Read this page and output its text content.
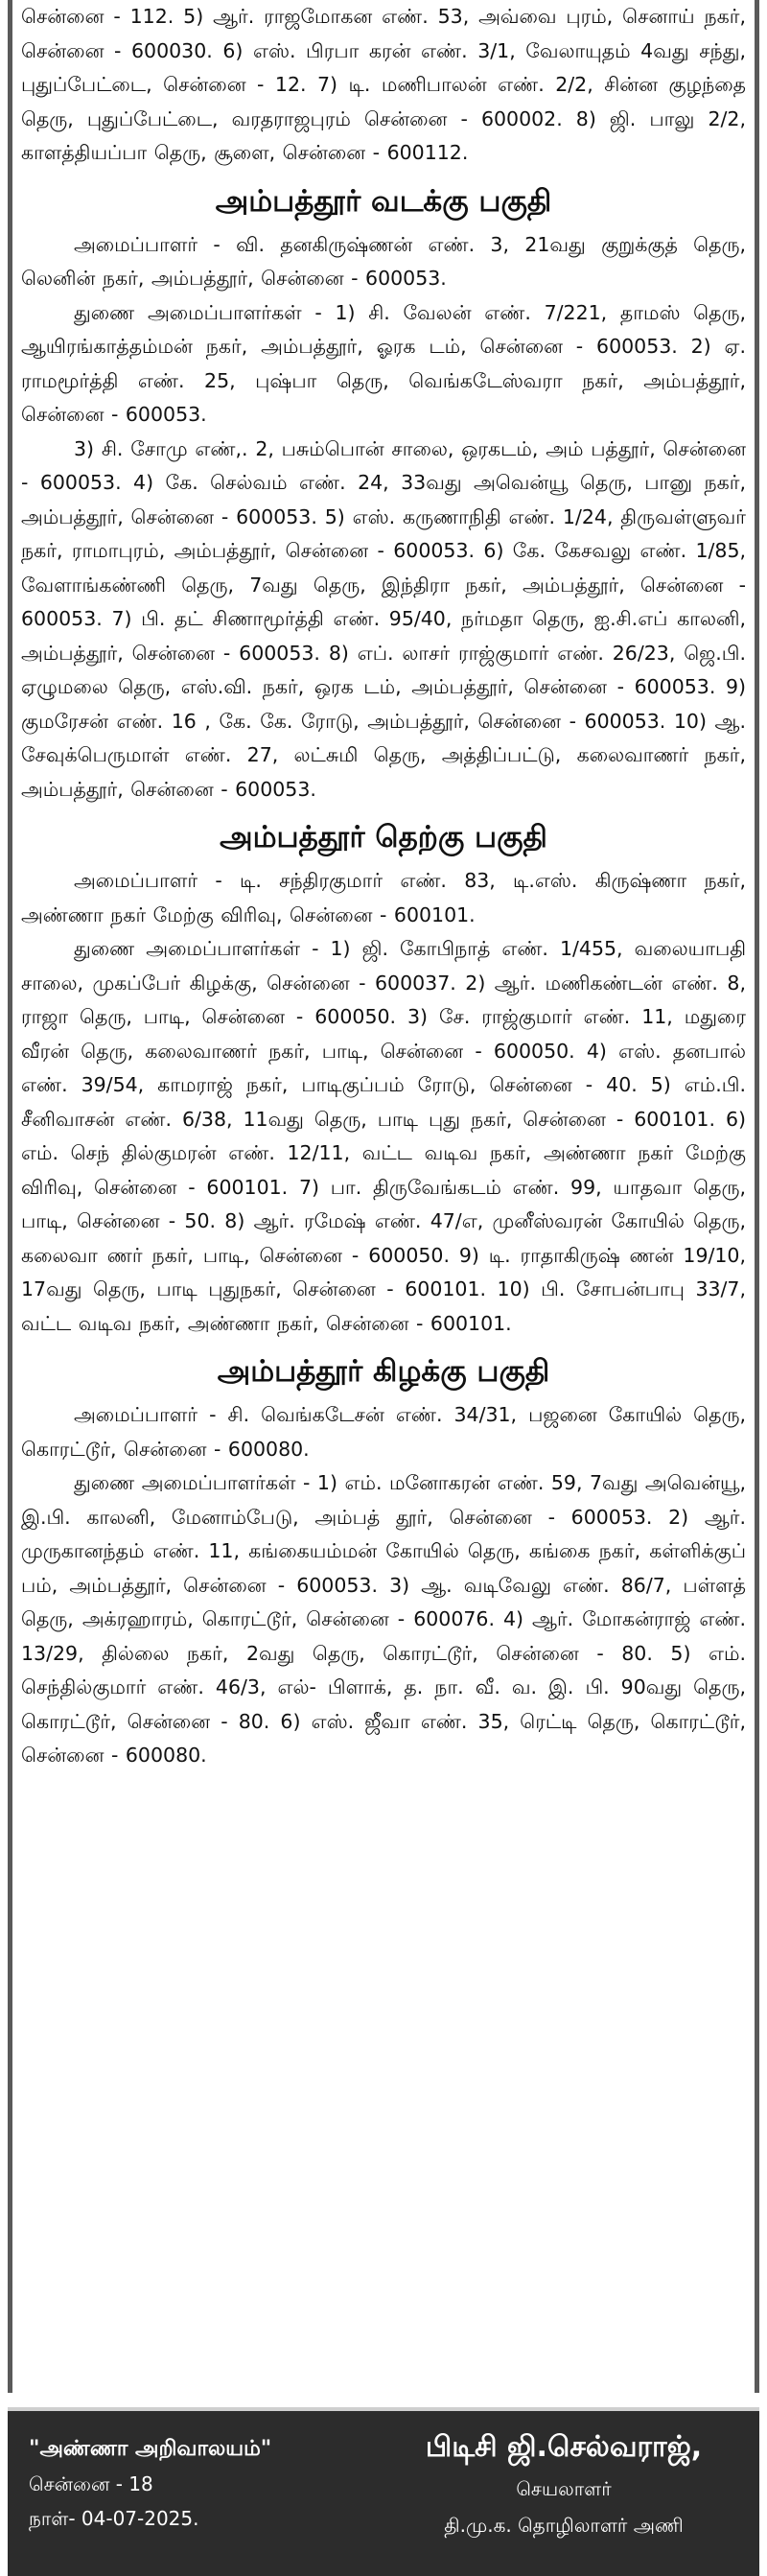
சென்னை - 112. 5) ஆர். ராஜமோகன எண். 53, அவ்வை புரம், செனாய் நகர், சென்னை - 600030. 6) எஸ். பிரபா கரன் எண். 3/1, வேலாயுதம் 4வது சந்து, புதுப்பேட்டை, சென்னை - 12. 7) டி. மணிபாலன் எண். 2/2, சின்ன குழந்தை தெரு, புதுப்பேட்டை, வரதராஜபுரம் சென்னை - 600002. 8) ஜி. பாலு 2/2, காளத்தியப்பா தெரு, சூளை, சென்னை - 600112.

அம்பத்தூர் வடக்கு பகுதி

அமைப்பாளர் - வி. தனகிருஷ்ணன் எண். 3, 21வது குறுக்குத் தெரு, லெனின் நகர், அம்பத்தூர், சென்னை - 600053.

துணை அமைப்பாளர்கள் - 1) சி. வேலன் எண். 7/221, தாமஸ் தெரு, ஆயிரங்காத்தம்மன் நகர், அம்பத்தூர், ஓரக டம், சென்னை - 600053. 2) ஏ. ராமமூர்த்தி எண். 25, புஷ்பா தெரு, வெங்கடேஸ்வரா நகர், அம்பத்தூர், சென்னை - 600053.

3) சி. சோமு எண்,. 2, பசும்பொன் சாலை, ஒரகடம், அம் பத்தூர், சென்னை - 600053. 4) கே. செல்வம் எண். 24, 33வது அவென்யூ தெரு, பானு நகர், அம்பத்தூர், சென்னை - 600053. 5) எஸ். கருணாநிதி எண். 1/24, திருவள்ளுவர் நகர், ராமாபுரம், அம்பத்தூர், சென்னை - 600053. 6) கே. கேசவலு எண். 1/85, வேளாங்கண்ணி தெரு, 7வது தெரு, இந்திரா நகர், அம்பத்தூர், சென்னை - 600053. 7) பி. தட் சிணாமூர்த்தி எண். 95/40, நர்மதா தெரு, ஐ.சி.எப் காலனி, அம்பத்தூர், சென்னை - 600053. 8) எப். லாசர் ராஜ்குமார் எண். 26/23, ஜெ.பி. ஏழுமலை தெரு, எஸ்.வி. நகர், ஒரக டம், அம்பத்தூர், சென்னை - 600053. 9) குமரேசன் எண். 16 , கே. கே. ரோடு, அம்பத்தூர், சென்னை - 600053. 10) ஆ. சேவுக்பெருமாள் எண். 27, லட்சுமி தெரு, அத்திப்பட்டு, கலைவாணர் நகர், அம்பத்தூர், சென்னை - 600053.

அம்பத்தூர் தெற்கு பகுதி

அமைப்பாளர் - டி. சந்திரகுமார் எண். 83, டி.எஸ். கிருஷ்ணா நகர், அண்ணா நகர் மேற்கு விரிவு, சென்னை - 600101.

துணை அமைப்பாளர்கள் - 1) ஜி. கோபிநாத் எண். 1/455, வலையாபதி சாலை, முகப்பேர் கிழக்கு, சென்னை - 600037. 2) ஆர். மணிகண்டன் எண். 8, ராஜா தெரு, பாடி, சென்னை - 600050. 3) சே. ராஜ்குமார் எண். 11, மதுரை வீரன் தெரு, கலைவாணர் நகர், பாடி, சென்னை - 600050. 4) எஸ். தனபால் எண். 39/54, காமராஜ் நகர், பாடிகுப்பம் ரோடு, சென்னை - 40. 5) எம்.பி. சீனிவாசன் எண். 6/38, 11வது தெரு, பாடி புது நகர், சென்னை - 600101. 6) எம். செந் தில்குமரன் எண். 12/11, வட்ட வடிவ நகர், அண்ணா நகர் மேற்கு விரிவு, சென்னை - 600101. 7) பா. திருவேங்கடம் எண். 99, யாதவா தெரு, பாடி, சென்னை - 50. 8) ஆர். ரமேஷ் எண். 47/எ, முனீஸ்வரன் கோயில் தெரு, கலைவா ணர் நகர், பாடி, சென்னை - 600050. 9) டி. ராதாகிருஷ் ணன் 19/10, 17வது தெரு, பாடி புதுநகர், சென்னை - 600101. 10) பி. சோபன்பாபு 33/7, வட்ட வடிவ நகர், அண்ணா நகர், சென்னை - 600101.

அம்பத்தூர் கிழக்கு பகுதி

அமைப்பாளர் - சி. வெங்கடேசன் எண். 34/31, பஜனை கோயில் தெரு, கொரட்டூர், சென்னை - 600080.

துணை அமைப்பாளர்கள் - 1) எம். மனோகரன் எண். 59, 7வது அவென்யூ, இ.பி. காலனி, மேனாம்பேடு, அம்பத் தூர், சென்னை - 600053. 2) ஆர். முருகானந்தம் எண். 11, கங்கையம்மன் கோயில் தெரு, கங்கை நகர், கள்ளிக்குப் பம், அம்பத்தூர், சென்னை - 600053. 3) ஆ. வடிவேலு எண். 86/7, பள்ளத் தெரு, அக்ரஹாரம், கொரட்டூர், சென்னை - 600076. 4) ஆர். மோகன்ராஜ் எண். 13/29, தில்லை நகர், 2வது தெரு, கொரட்டூர், சென்னை - 80. 5) எம். செந்தில்குமார் எண். 46/3, எல்- பிளாக், த. நா. வீ. வ. இ. பி. 90வது தெரு, கொரட்டூர், சென்னை - 80. 6) எஸ். ஜீவா எண். 35, ரெட்டி தெரு, கொரட்டூர், சென்னை - 600080.

"அண்ணா அறிவாலயம்"
சென்னை - 18
நாள்- 04-07-2025.
பிடிசி ஜி.செல்வராஜ்,
செயலாளர்
தி.மு.க. தொழிலாளர் அணி
